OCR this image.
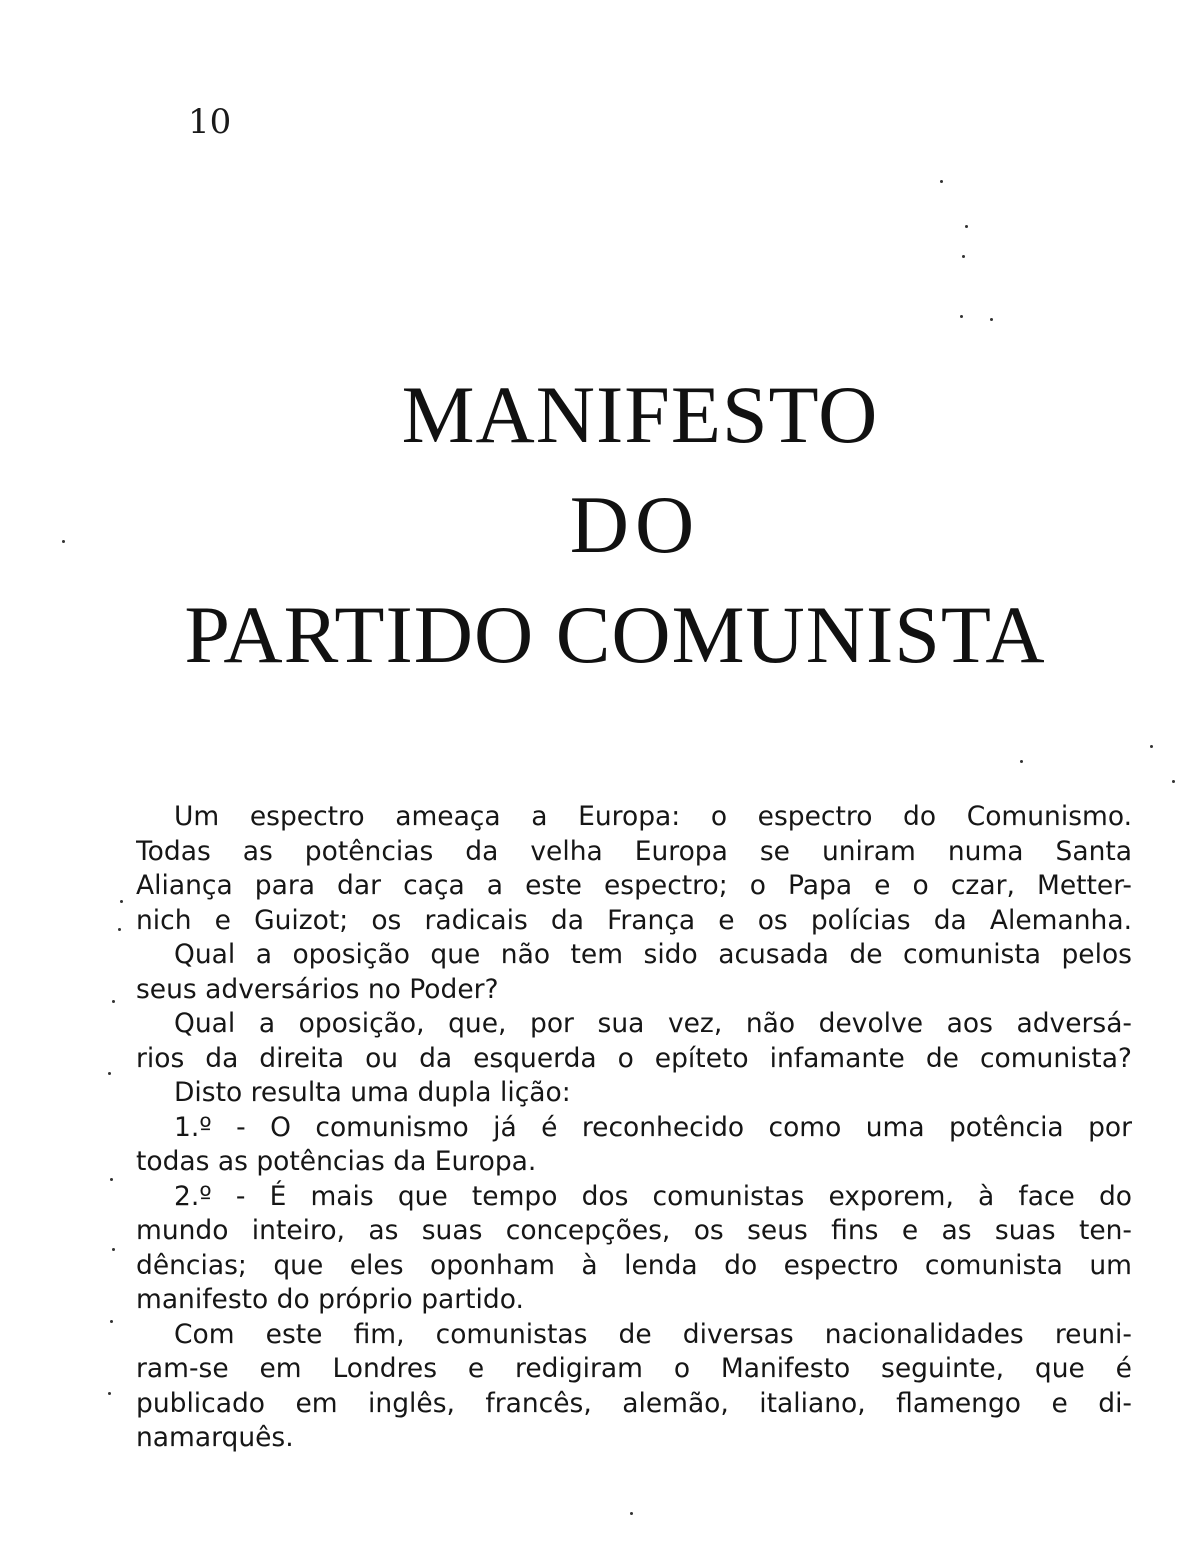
10
MANIFESTO
DO
PARTIDO COMUNISTA
Um espectro ameaça a Europa: o espectro do Comunismo.
Todas as potências da velha Europa se uniram numa Santa
Aliança para dar caça a este espectro; o Papa e o czar, Metter-
nich e Guizot; os radicais da França e os polícias da Alemanha.
Qual a oposição que não tem sido acusada de comunista pelos
seus adversários no Poder?
Qual a oposição, que, por sua vez, não devolve aos adversá-
rios da direita ou da esquerda o epíteto infamante de comunista?
Disto resulta uma dupla lição:
1.º - O comunismo já é reconhecido como uma potência por
todas as potências da Europa.
2.º - É mais que tempo dos comunistas exporem, à face do
mundo inteiro, as suas concepções, os seus fins e as suas ten-
dências; que eles oponham à lenda do espectro comunista um
manifesto do próprio partido.
Com este fim, comunistas de diversas nacionalidades reuni-
ram-se em Londres e redigiram o Manifesto seguinte, que é
publicado em inglês, francês, alemão, italiano, flamengo e di-
namarquês.
